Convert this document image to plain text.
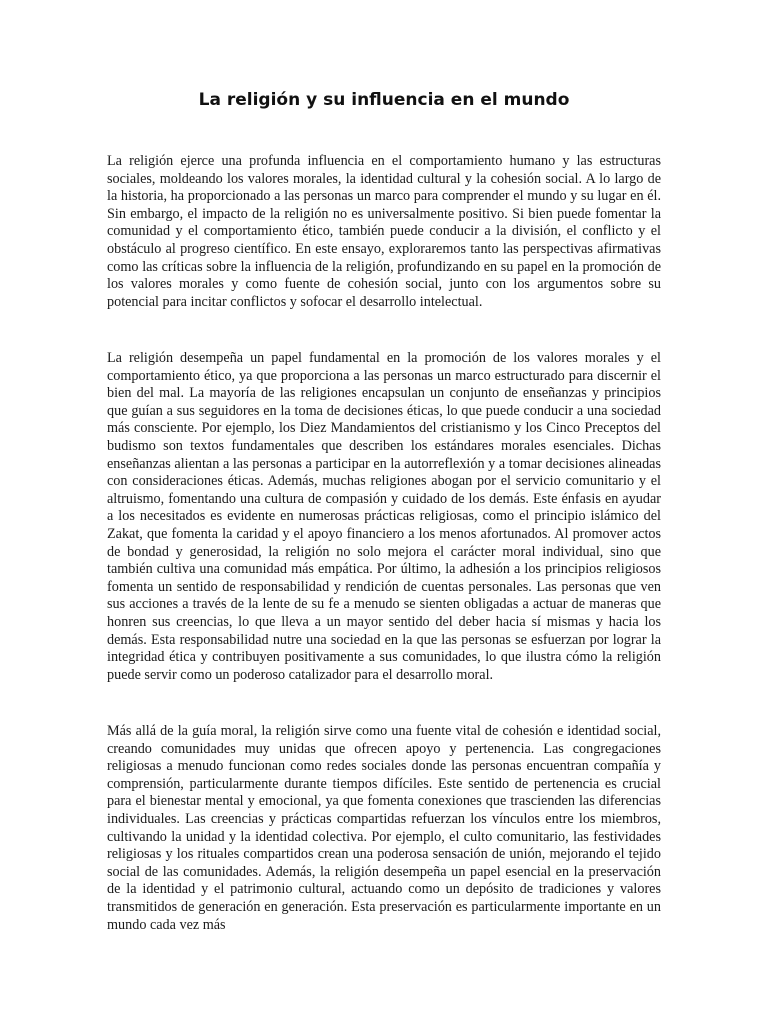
La religión y su influencia en el mundo

La religión ejerce una profunda influencia en el comportamiento humano y las estructuras sociales, moldeando los valores morales, la identidad cultural y la cohesión social. A lo largo de la historia, ha proporcionado a las personas un marco para comprender el mundo y su lugar en él. Sin embargo, el impacto de la religión no es universalmente positivo. Si bien puede fomentar la comunidad y el comportamiento ético, también puede conducir a la división, el conflicto y el obstáculo al progreso científico. En este ensayo, exploraremos tanto las perspectivas afirmativas como las críticas sobre la influencia de la religión, profundizando en su papel en la promoción de los valores morales y como fuente de cohesión social, junto con los argumentos sobre su potencial para incitar conflictos y sofocar el desarrollo intelectual.

La religión desempeña un papel fundamental en la promoción de los valores morales y el comportamiento ético, ya que proporciona a las personas un marco estructurado para discernir el bien del mal. La mayoría de las religiones encapsulan un conjunto de enseñanzas y principios que guían a sus seguidores en la toma de decisiones éticas, lo que puede conducir a una sociedad más consciente. Por ejemplo, los Diez Mandamientos del cristianismo y los Cinco Preceptos del budismo son textos fundamentales que describen los estándares morales esenciales. Dichas enseñanzas alientan a las personas a participar en la autorreflexión y a tomar decisiones alineadas con consideraciones éticas. Además, muchas religiones abogan por el servicio comunitario y el altruismo, fomentando una cultura de compasión y cuidado de los demás. Este énfasis en ayudar a los necesitados es evidente en numerosas prácticas religiosas, como el principio islámico del Zakat, que fomenta la caridad y el apoyo financiero a los menos afortunados. Al promover actos de bondad y generosidad, la religión no solo mejora el carácter moral individual, sino que también cultiva una comunidad más empática. Por último, la adhesión a los principios religiosos fomenta un sentido de responsabilidad y rendición de cuentas personales. Las personas que ven sus acciones a través de la lente de su fe a menudo se sienten obligadas a actuar de maneras que honren sus creencias, lo que lleva a un mayor sentido del deber hacia sí mismas y hacia los demás. Esta responsabilidad nutre una sociedad en la que las personas se esfuerzan por lograr la integridad ética y contribuyen positivamente a sus comunidades, lo que ilustra cómo la religión puede servir como un poderoso catalizador para el desarrollo moral.

Más allá de la guía moral, la religión sirve como una fuente vital de cohesión e identidad social, creando comunidades muy unidas que ofrecen apoyo y pertenencia. Las congregaciones religiosas a menudo funcionan como redes sociales donde las personas encuentran compañía y comprensión, particularmente durante tiempos difíciles. Este sentido de pertenencia es crucial para el bienestar mental y emocional, ya que fomenta conexiones que trascienden las diferencias individuales. Las creencias y prácticas compartidas refuerzan los vínculos entre los miembros, cultivando la unidad y la identidad colectiva. Por ejemplo, el culto comunitario, las festividades religiosas y los rituales compartidos crean una poderosa sensación de unión, mejorando el tejido social de las comunidades. Además, la religión desempeña un papel esencial en la preservación de la identidad y el patrimonio cultural, actuando como un depósito de tradiciones y valores transmitidos de generación en generación. Esta preservación es particularmente importante en un mundo cada vez más
